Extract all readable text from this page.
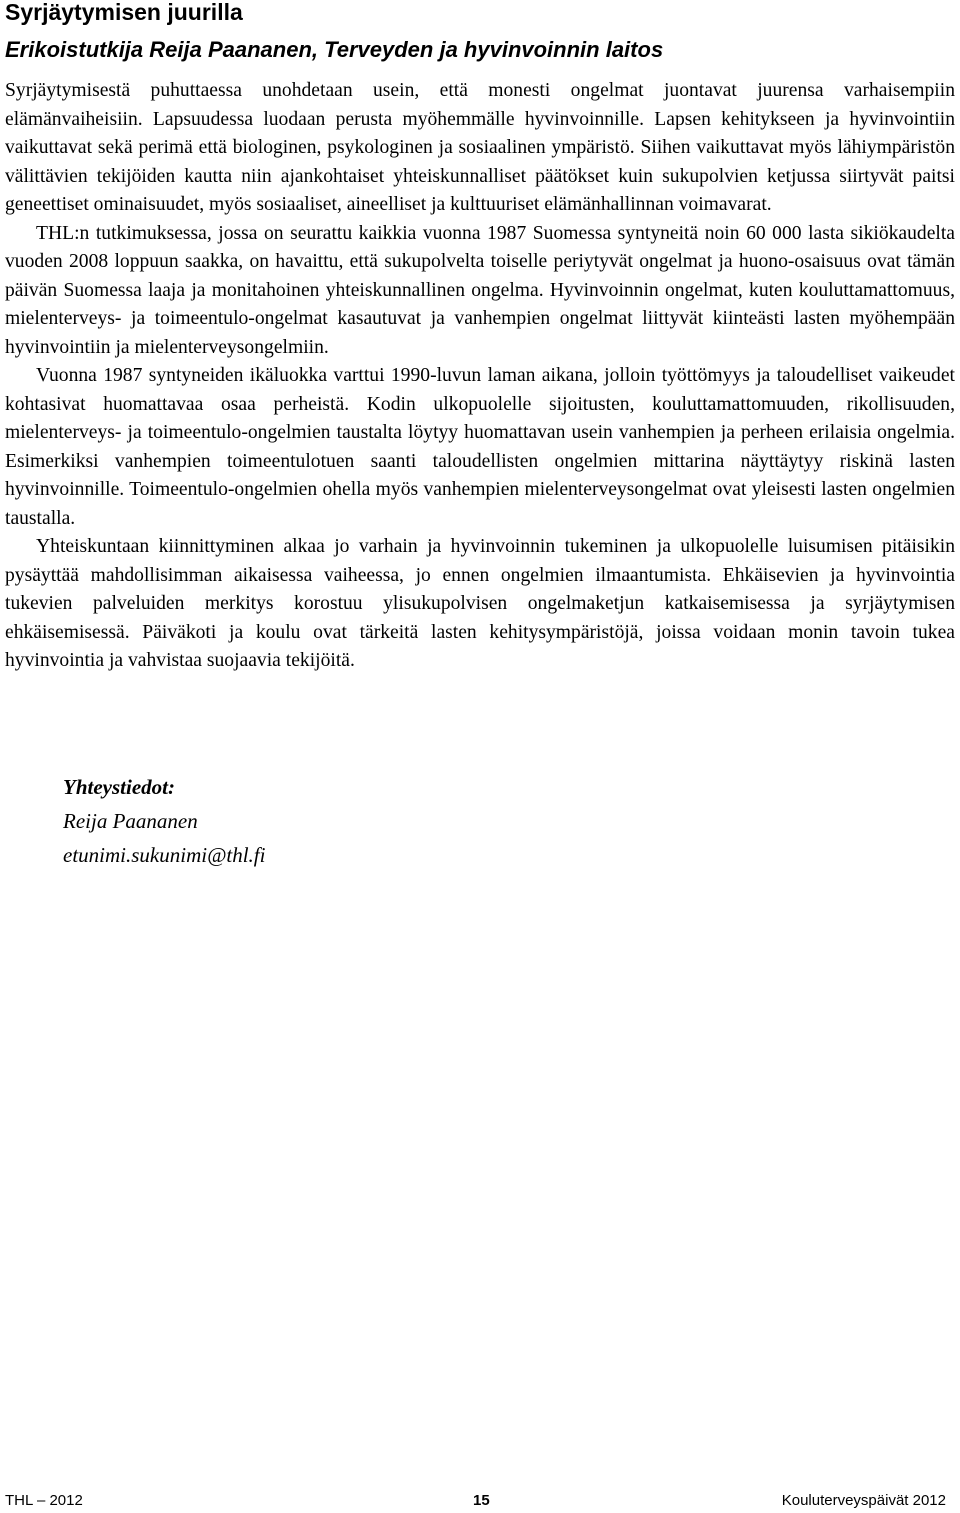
Syrjäytymisen juurilla
Erikoistutkija Reija Paananen, Terveyden ja hyvinvoinnin laitos

Syrjäytymisestä puhuttaessa unohdetaan usein, että monesti ongelmat juontavat juurensa varhaisempiin elämänvaiheisiin. Lapsuudessa luodaan perusta myöhemmälle hyvinvoinnille. Lapsen kehitykseen ja hyvinvointiin vaikuttavat sekä perimä että biologinen, psykologinen ja sosiaalinen ympäristö. Siihen vaikuttavat myös lähiympäristön välittävien tekijöiden kautta niin ajankohtaiset yhteiskunnalliset päätökset kuin sukupolvien ketjussa siirtyvät paitsi geneettiset ominaisuudet, myös sosiaaliset, aineelliset ja kulttuuriset elämänhallinnan voimavarat.

THL:n tutkimuksessa, jossa on seurattu kaikkia vuonna 1987 Suomessa syntyneitä noin 60 000 lasta sikiökaudelta vuoden 2008 loppuun saakka, on havaittu, että sukupolvelta toiselle periytyvät ongelmat ja huono-osaisuus ovat tämän päivän Suomessa laaja ja monitahoinen yhteiskunnallinen ongelma. Hyvinvoinnin ongelmat, kuten kouluttamattomuus, mielenterveys- ja toimeentulo-ongelmat kasautuvat ja vanhempien ongelmat liittyvät kiinteästi lasten myöhempään hyvinvointiin ja mielenterveysongelmiin.

Vuonna 1987 syntyneiden ikäluokka varttui 1990-luvun laman aikana, jolloin työttömyys ja taloudelliset vaikeudet kohtasivat huomattavaa osaa perheistä. Kodin ulkopuolelle sijoitusten, kouluttamattomuuden, rikollisuuden, mielenterveys- ja toimeentulo-ongelmien taustalta löytyy huomattavan usein vanhempien ja perheen erilaisia ongelmia. Esimerkiksi vanhempien toimeentulotuen saanti taloudellisten ongelmien mittarina näyttäytyy riskinä lasten hyvinvoinnille. Toimeentulo-ongelmien ohella myös vanhempien mielenterveysongelmat ovat yleisesti lasten ongelmien taustalla.

Yhteiskuntaan kiinnittyminen alkaa jo varhain ja hyvinvoinnin tukeminen ja ulkopuolelle luisumisen pitäisikin pysäyttää mahdollisimman aikaisessa vaiheessa, jo ennen ongelmien ilmaantumista. Ehkäisevien ja hyvinvointia tukevien palveluiden merkitys korostuu ylisukupolvisen ongelmaketjun katkaisemisessa ja syrjäytymisen ehkäisemisessä. Päiväkoti ja koulu ovat tärkeitä lasten kehitysympäristöjä, joissa voidaan monin tavoin tukea hyvinvointia ja vahvistaa suojaavia tekijöitä.

Yhteystiedot:

Reija Paananen

etunimi.sukunimi@thl.fi

THL – 2012	15	Kouluterveyspäivät 2012
